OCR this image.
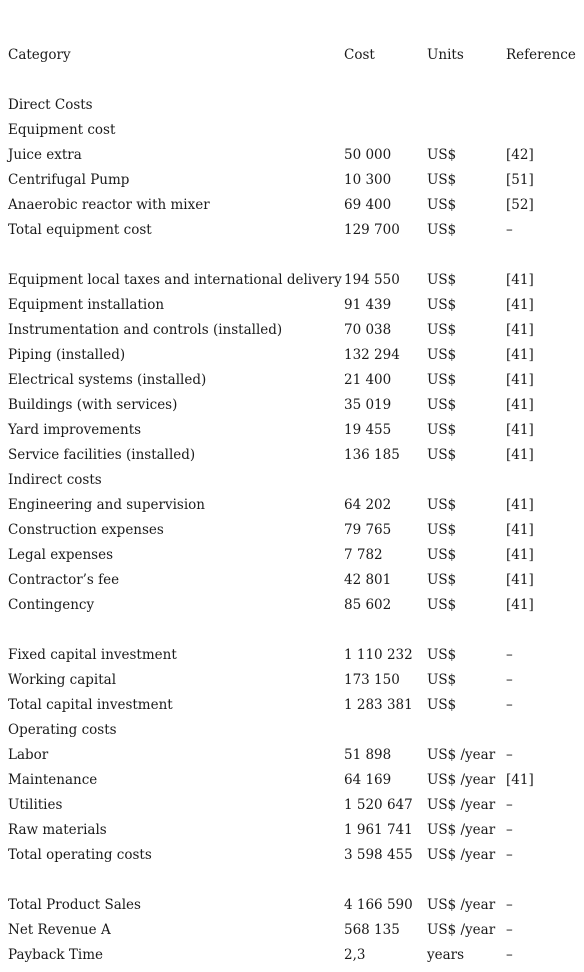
Category	Cost	Units	Reference

Direct Costs			
Equipment cost			
Juice extra	50 000	US$	[42]
Centrifugal Pump	10 300	US$	[51]
Anaerobic reactor with mixer	69 400	US$	[52]
Total equipment cost	129 700	US$	–

Equipment local taxes and international delivery	194 550	US$	[41]
Equipment installation	91 439	US$	[41]
Instrumentation and controls (installed)	70 038	US$	[41]
Piping (installed)	132 294	US$	[41]
Electrical systems (installed)	21 400	US$	[41]
Buildings (with services)	35 019	US$	[41]
Yard improvements	19 455	US$	[41]
Service facilities (installed)	136 185	US$	[41]
Indirect costs			
Engineering and supervision	64 202	US$	[41]
Construction expenses	79 765	US$	[41]
Legal expenses	7 782	US$	[41]
Contractor’s fee	42 801	US$	[41]
Contingency	85 602	US$	[41]

Fixed capital investment	1 110 232	US$	–
Working capital	173 150	US$	–
Total capital investment	1 283 381	US$	–
Operating costs			
Labor	51 898	US$ /year	–
Maintenance	64 169	US$ /year	[41]
Utilities	1 520 647	US$ /year	–
Raw materials	1 961 741	US$ /year	–
Total operating costs	3 598 455	US$ /year	–

Total Product Sales	4 166 590	US$ /year	–
Net Revenue A	568 135	US$ /year	–
Payback Time	2,3	years	–
